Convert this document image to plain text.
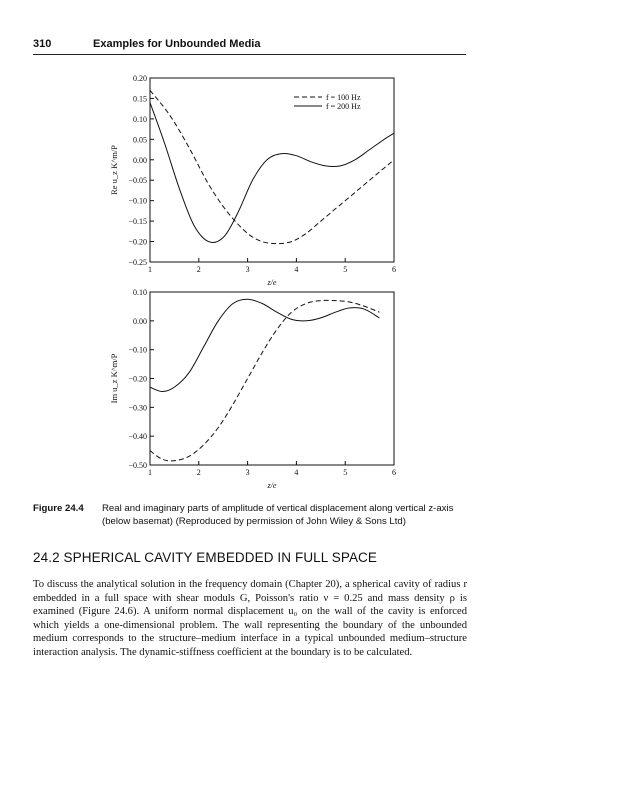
310	Examples for Unbounded Media
0.20
0.15
0.10
0.05
0.00
−0.05
−0.10
−0.15
−0.20
−0.25
1	2	3	4	5	6
z/e
Re u_z K^m/P
f = 100 Hz
f = 200 Hz
0.10
0.00
−0.10
−0.20
−0.30
−0.40
−0.50
1	2	3	4	5	6
z/e
Im u_z K^m/P
Figure 24.4 Real and imaginary parts of amplitude of vertical displacement along vertical z-axis (below basemat) (Reproduced by permission of John Wiley & Sons Ltd)
24.2 SPHERICAL CAVITY EMBEDDED IN FULL SPACE
To discuss the analytical solution in the frequency domain (Chapter 20), a spherical cavity of radius r embedded in a full space with shear moduls G, Poisson's ratio ν = 0.25 and mass density ρ is examined (Figure 24.6). A uniform normal displacement u₀ on the wall of the cavity is enforced which yields a one-dimensional problem. The wall representing the boundary of the unbounded medium corresponds to the structure–medium interface in a typical unbounded medium–structure interaction analysis. The dynamic-stiffness coefficient at the boundary is to be calculated.
